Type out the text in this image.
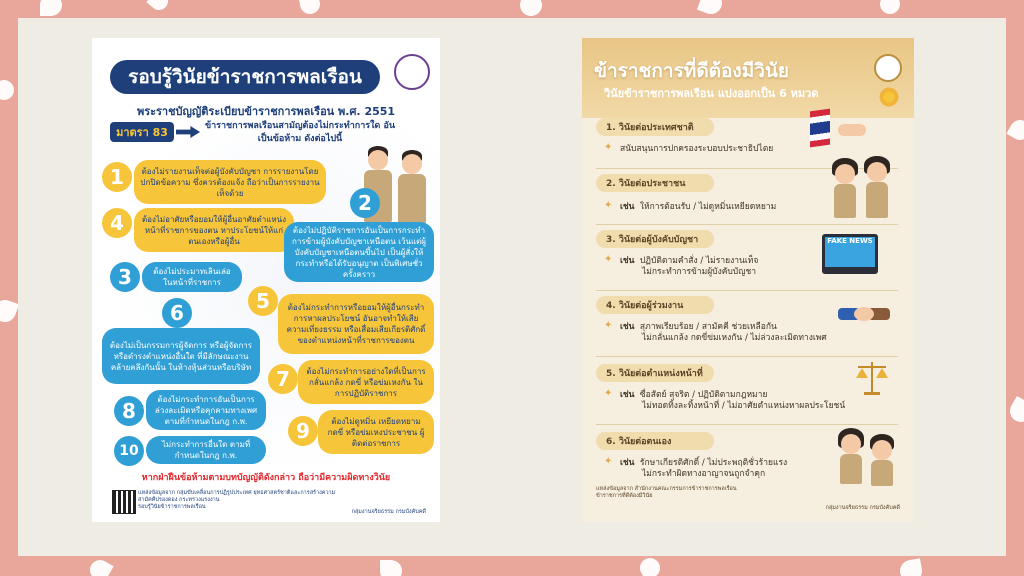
รอบรู้วินัยข้าราชการพลเรือน
พระราชบัญญัติระเบียบข้าราชการพลเรือน พ.ศ. 2551
มาตรา 83	ข้าราชการพลเรือนสามัญต้องไม่กระทำการใด อันเป็นข้อห้าม ดังต่อไปนี้
1	ต้องไม่รายงานเท็จต่อผู้บังคับบัญชา การรายงานโดยปกปิดข้อความ ซึ่งควรต้องแจ้ง ถือว่าเป็นการรายงานเท็จด้วย
4	ต้องไม่อาศัยหรือยอมให้ผู้อื่นอาศัยตำแหน่งหน้าที่ราชการของตน หาประโยชน์ให้แก่ตนเองหรือผู้อื่น
2
ต้องไม่ปฏิบัติราชการอันเป็นการกระทำการข้ามผู้บังคับบัญชาเหนือตน เว้นแต่ผู้บังคับบัญชาเหนือตนขึ้นไป เป็นผู้สั่งให้กระทำหรือได้รับอนุญาต เป็นพิเศษชั่วครั้งคราว
3	ต้องไม่ประมาทเลินเล่อ ในหน้าที่ราชการ
6
ต้องไม่เป็นกรรมการผู้จัดการ หรือผู้จัดการ หรือดำรงตำแหน่งอื่นใด ที่มีลักษณะงานคล้ายคลึงกันนั้น ในห้างหุ้นส่วนหรือบริษัท
5	ต้องไม่กระทำการหรือยอมให้ผู้อื่นกระทำการหาผลประโยชน์ อันอาจทำให้เสียความเที่ยงธรรม หรือเสื่อมเสียเกียรติศักดิ์ ของตำแหน่งหน้าที่ราชการของตน
7	ต้องไม่กระทำการอย่างใดที่เป็นการ กลั่นแกล้ง กดขี่ หรือข่มเหงกัน ในการปฏิบัติราชการ
8	ต้องไม่กระทำการอันเป็นการ ล่วงละเมิดหรือคุกคามทางเพศ ตามที่กำหนดในกฎ ก.พ.	9	ต้องไม่ดูหมิ่น เหยียดหยาม กดขี่ หรือข่มเหงประชาชน ผู้ติดต่อราชการ
10	ไม่กระทำการอื่นใด ตามที่กำหนดในกฎ ก.พ.
หากฝ่าฝืนข้อห้ามตามบทบัญญัติดังกล่าว ถือว่ามีความผิดทางวินัย
แหล่งข้อมูลจาก กลุ่มขับเคลื่อนการปฏิรูปประเทศ ยุทธศาสตร์ชาติและการสร้างความสามัคคีปรองดอง กระทรวงแรงงาน
รอบรู้วินัยข้าราชการพลเรือน
กลุ่มงานจริยธรรม กรมบังคับคดี
ข้าราชการที่ดีต้องมีวินัย
วินัยข้าราชการพลเรือน แบ่งออกเป็น 6 หมวด
1. วินัยต่อประเทศชาติ
✦ สนับสนุนการปกครองระบอบประชาธิปไตย
2. วินัยต่อประชาชน
✦ เช่น ให้การต้อนรับ / ไม่ดูหมิ่นเหยียดหยาม
3. วินัยต่อผู้บังคับบัญชา
✦ เช่น ปฏิบัติตามคำสั่ง / ไม่รายงานเท็จ
ไม่กระทำการข้ามผู้บังคับบัญชา
FAKE NEWS
4. วินัยต่อผู้ร่วมงาน
✦ เช่น สุภาพเรียบร้อย / สามัคคี ช่วยเหลือกัน
ไม่กลั่นแกล้ง กดขี่ข่มเหงกัน / ไม่ล่วงละเมิดทางเพศ
5. วินัยต่อตำแหน่งหน้าที่
✦ เช่น ซื่อสัตย์ สุจริต / ปฏิบัติตามกฎหมาย
ไม่ทอดทิ้งละทิ้งหน้าที่ / ไม่อาศัยตำแหน่งหาผลประโยชน์
6. วินัยต่อตนเอง
✦ เช่น รักษาเกียรติศักดิ์ / ไม่ประพฤติชั่วร้ายแรง
ไม่กระทำผิดทางอาญาจนถูกจำคุก
แหล่งข้อมูลจาก สำนักงานคณะกรรมการข้าราชการพลเรือน
ข้าราชการที่ดีต้องมีวินัย
กลุ่มงานจริยธรรม กรมบังคับคดี
